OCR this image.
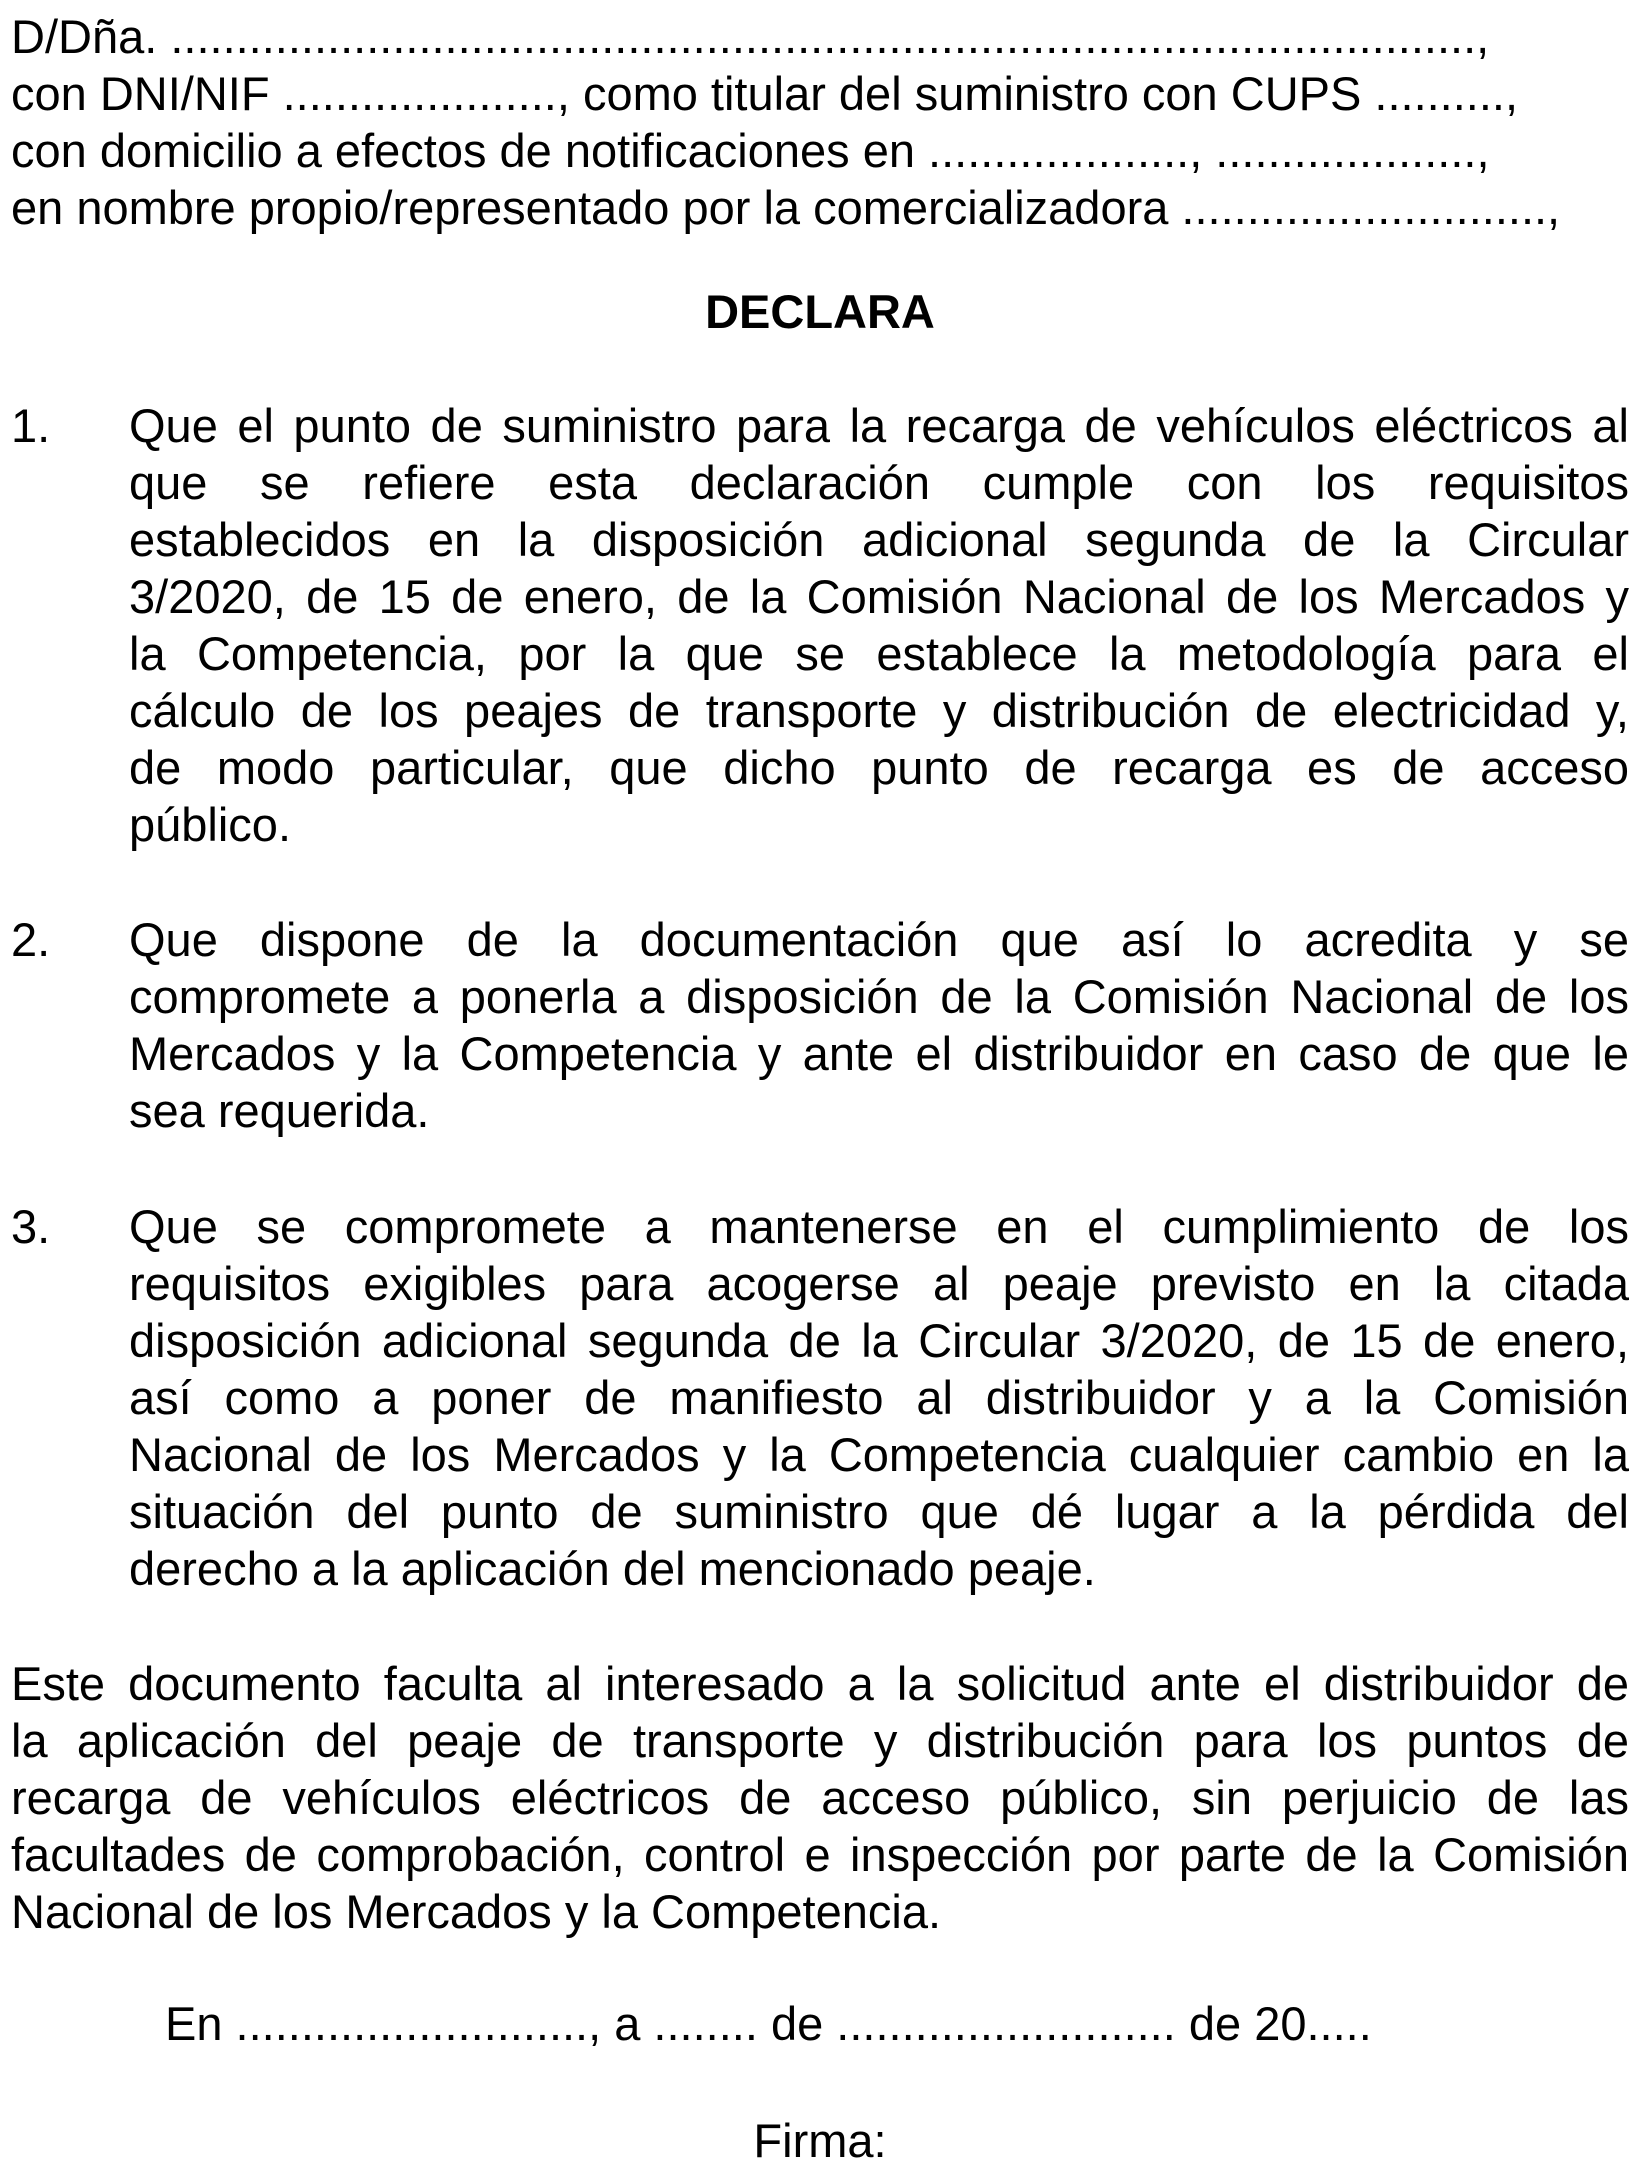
D/Dña. ....................................................................................................,
con DNI/NIF ....................., como titular del suministro con CUPS ..........,
con domicilio a efectos de notificaciones en ...................., ....................,
en nombre propio/representado por la comercializadora ............................,
DECLARA
1. Que el punto de suministro para la recarga de vehículos eléctricos al
que se refiere esta declaración cumple con los requisitos
establecidos en la disposición adicional segunda de la Circular
3/2020, de 15 de enero, de la Comisión Nacional de los Mercados y
la Competencia, por la que se establece la metodología para el
cálculo de los peajes de transporte y distribución de electricidad y,
de modo particular, que dicho punto de recarga es de acceso
público.
2. Que dispone de la documentación que así lo acredita y se
compromete a ponerla a disposición de la Comisión Nacional de los
Mercados y la Competencia y ante el distribuidor en caso de que le
sea requerida.
3. Que se compromete a mantenerse en el cumplimiento de los
requisitos exigibles para acogerse al peaje previsto en la citada
disposición adicional segunda de la Circular 3/2020, de 15 de enero,
así como a poner de manifiesto al distribuidor y a la Comisión
Nacional de los Mercados y la Competencia cualquier cambio en la
situación del punto de suministro que dé lugar a la pérdida del
derecho a la aplicación del mencionado peaje.
Este documento faculta al interesado a la solicitud ante el distribuidor de
la aplicación del peaje de transporte y distribución para los puntos de
recarga de vehículos eléctricos de acceso público, sin perjuicio de las
facultades de comprobación, control e inspección por parte de la Comisión
Nacional de los Mercados y la Competencia.
En ..........................., a ........ de .......................... de 20.....
Firma:
